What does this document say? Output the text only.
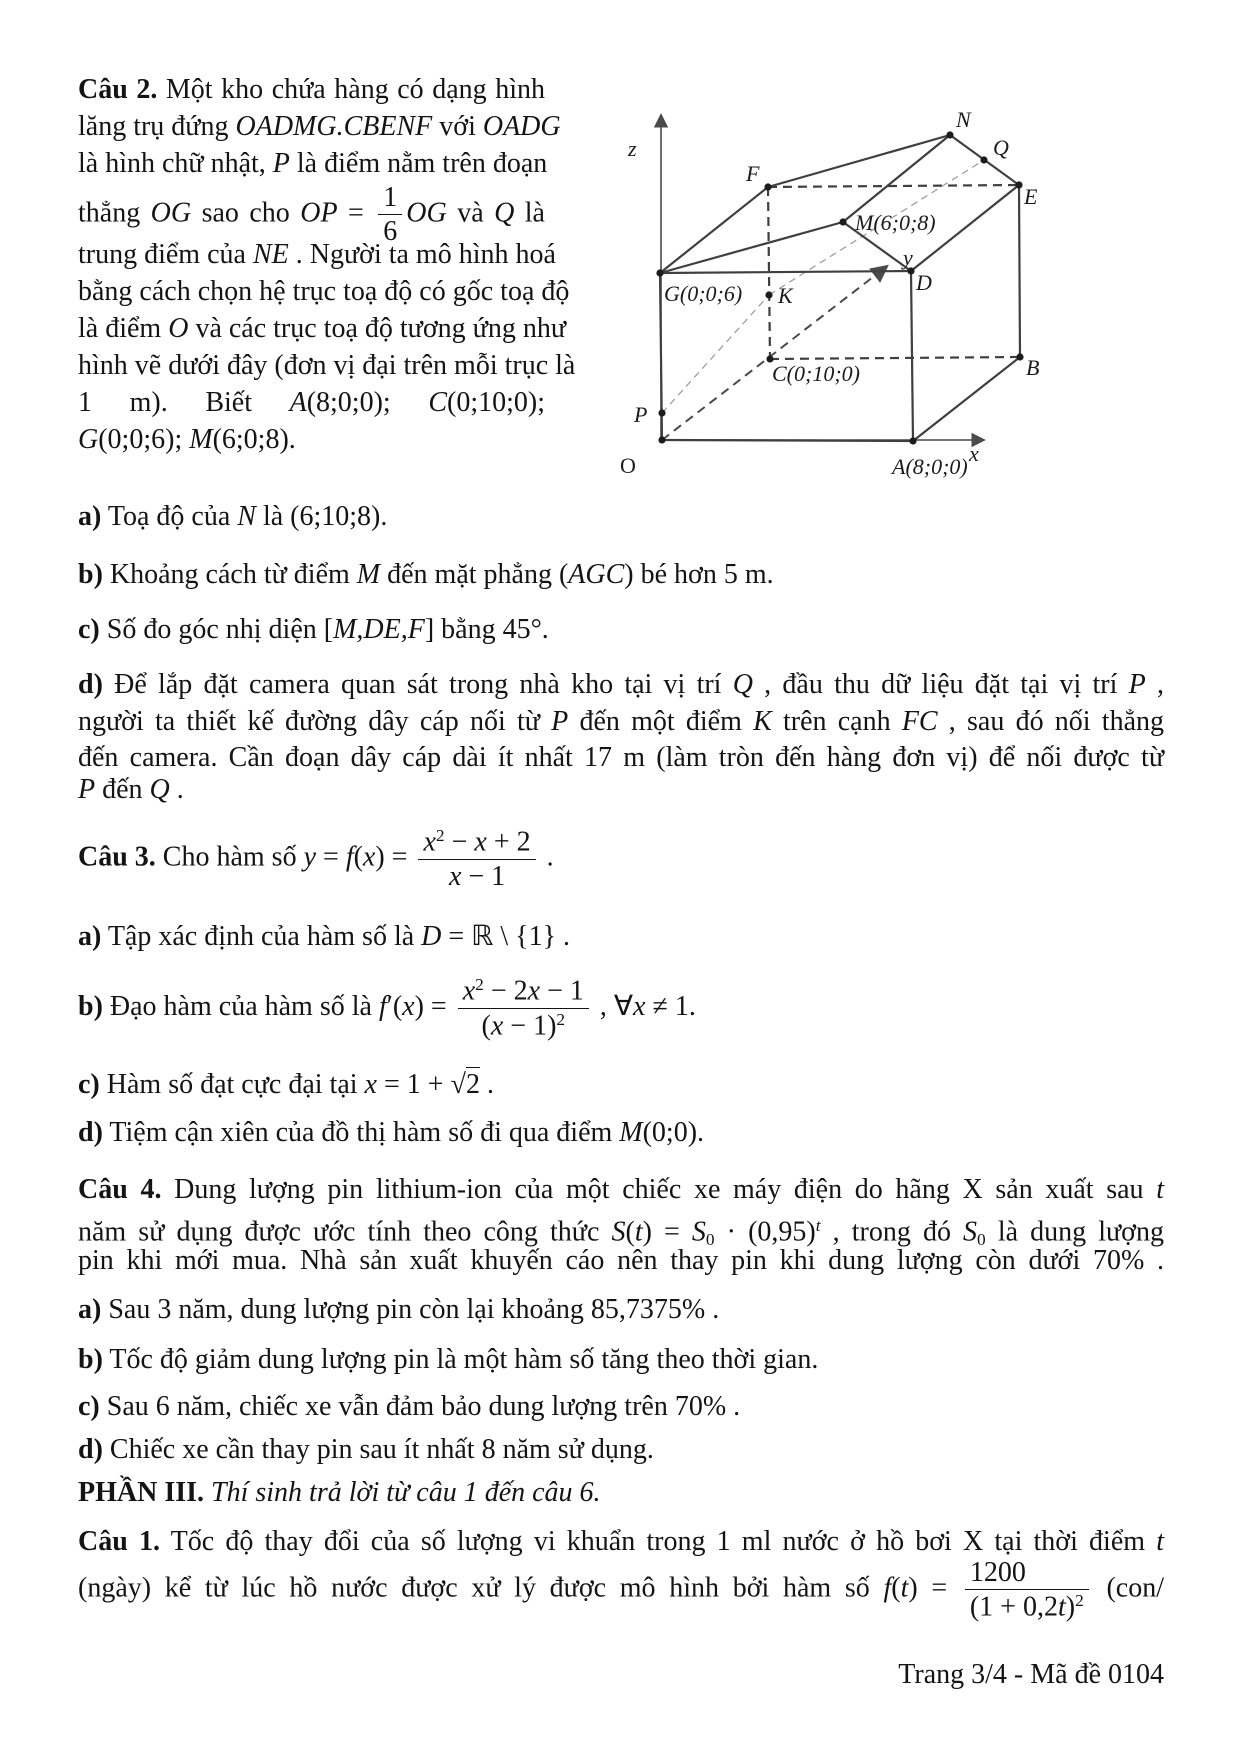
Câu 2. Một kho chứa hàng có dạng hình
lăng trụ đứng OADMG.CBENF với OADG
là hình chữ nhật, P là điểm nằm trên đoạn
thẳng OG sao cho OP = $\frac{1}{6}$ OG và Q là
trung điểm của NE . Người ta mô hình hoá
bằng cách chọn hệ trục toạ độ có gốc toạ độ
là điểm O và các trục toạ độ tương ứng như
hình vẽ dưới đây (đơn vị đại trên mỗi trục là
1 m). Biết A(8;0;0); C(0;10;0);
G(0;0;6); M(6;0;8).
z
x
y
N
Q
F
E
M(6;0;8)
D
G(0;0;6) K
C(0;10;0)	B
P
O	A(8;0;0)
a) Toạ độ của N là (6;10;8).
b) Khoảng cách từ điểm M đến mặt phẳng (AGC) bé hơn 5 m.
c) Số đo góc nhị diện [M,DE,F] bằng 45°.
d) Để lắp đặt camera quan sát trong nhà kho tại vị trí Q , đầu thu dữ liệu đặt tại vị trí P ,
người ta thiết kế đường dây cáp nối từ P đến một điểm K trên cạnh FC , sau đó nối thẳng
đến camera. Cần đoạn dây cáp dài ít nhất 17 m (làm tròn đến hàng đơn vị) để nối được từ
P đến Q .
Câu 3. Cho hàm số $y = f(x) = \frac{x^2 - x + 2}{x - 1}$ .
a) Tập xác định của hàm số là D = ℝ \ {1} .
b) Đạo hàm của hàm số là $f'(x) = \frac{x^2 - 2x - 1}{(x - 1)^2}$ , ∀x ≠ 1.
c) Hàm số đạt cực đại tại x = 1 + √2 .
d) Tiệm cận xiên của đồ thị hàm số đi qua điểm M(0;0).
Câu 4. Dung lượng pin lithium-ion của một chiếc xe máy điện do hãng X sản xuất sau t
năm sử dụng được ước tính theo công thức $S(t) = S_0 \cdot (0,95)^t$ , trong đó $S_0$ là dung lượng
pin khi mới mua. Nhà sản xuất khuyến cáo nên thay pin khi dung lượng còn dưới 70% .
a) Sau 3 năm, dung lượng pin còn lại khoảng 85,7375% .
b) Tốc độ giảm dung lượng pin là một hàm số tăng theo thời gian.
c) Sau 6 năm, chiếc xe vẫn đảm bảo dung lượng trên 70% .
d) Chiếc xe cần thay pin sau ít nhất 8 năm sử dụng.
PHẦN III. Thí sinh trả lời từ câu 1 đến câu 6.
Câu 1. Tốc độ thay đổi của số lượng vi khuẩn trong 1 ml nước ở hồ bơi X tại thời điểm t
(ngày) kể từ lúc hồ nước được xử lý được mô hình bởi hàm số $f(t) = \frac{1200}{(1 + 0,2t)^2} (con/$
Trang 3/4 - Mã đề 0104
